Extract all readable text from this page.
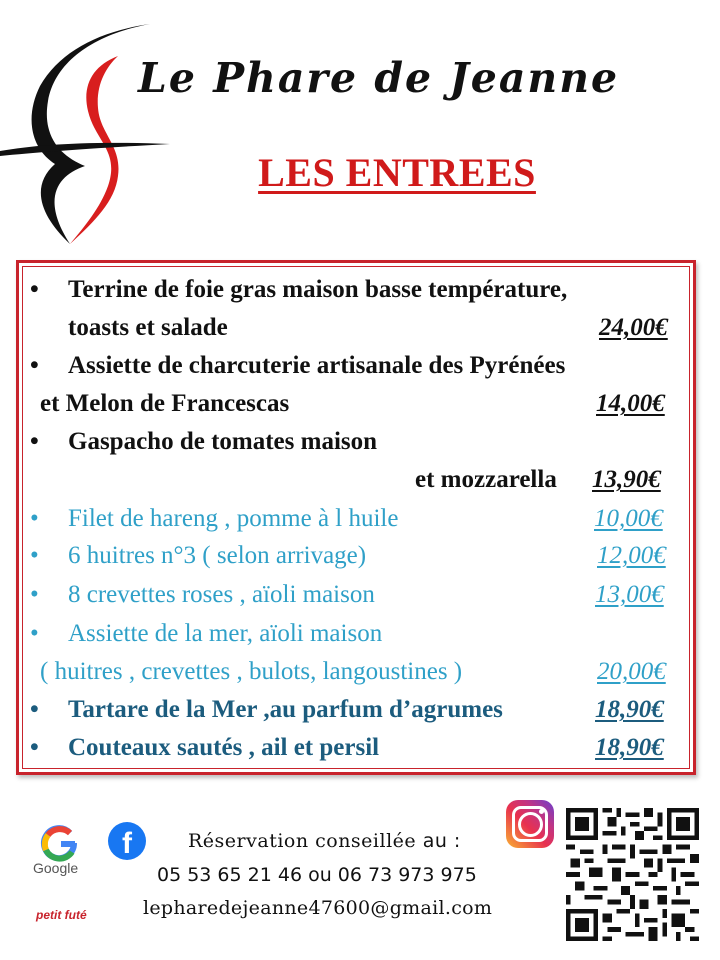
Le Phare de Jeanne
LES ENTREES
• Terrine de foie gras maison basse température,
toasts et salade	24,00€
• Assiette de charcuterie artisanale des Pyrénées
et Melon de Francescas	14,00€
• Gaspacho de tomates maison
et mozzarella 13,90€
• Filet de hareng , pomme à l huile	10,00€
• 6 huitres n°3 ( selon arrivage)	12,00€
• 8 crevettes roses , aïoli maison	13,00€
• Assiette de la mer, aïoli maison
( huitres , crevettes , bulots, langoustines )	20,00€
• Tartare de la Mer ,au parfum d’agrumes	18,90€
• Couteaux sautés , ail et persil	18,90€
Google
f
petit futé
Réservation conseillée au :
05 53 65 21 46 ou 06 73 973 975
lepharedejeanne47600@gmail.com
